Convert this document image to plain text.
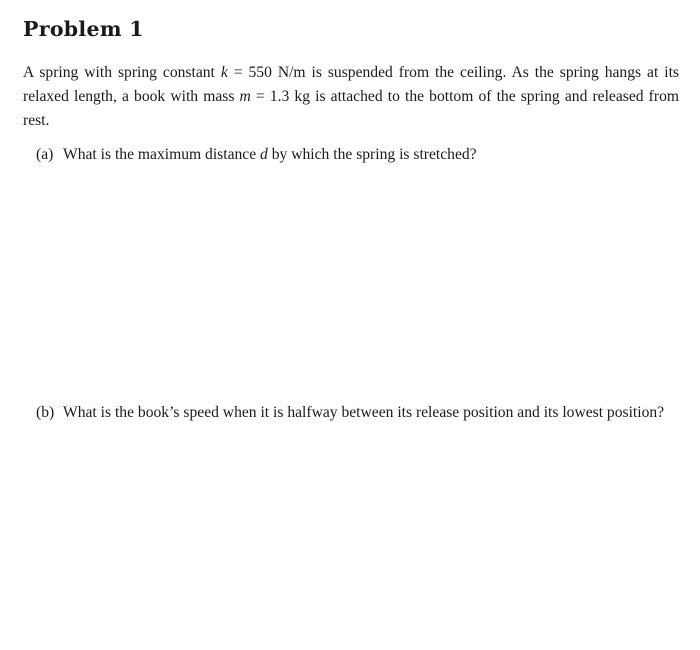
Problem 1

A spring with spring constant k = 550 N/m is suspended from the ceiling. As the spring hangs at its relaxed length, a book with mass m = 1.3 kg is attached to the bottom of the spring and released from rest.

(a) What is the maximum distance d by which the spring is stretched?

(b) What is the book’s speed when it is halfway between its release position and its lowest position?
